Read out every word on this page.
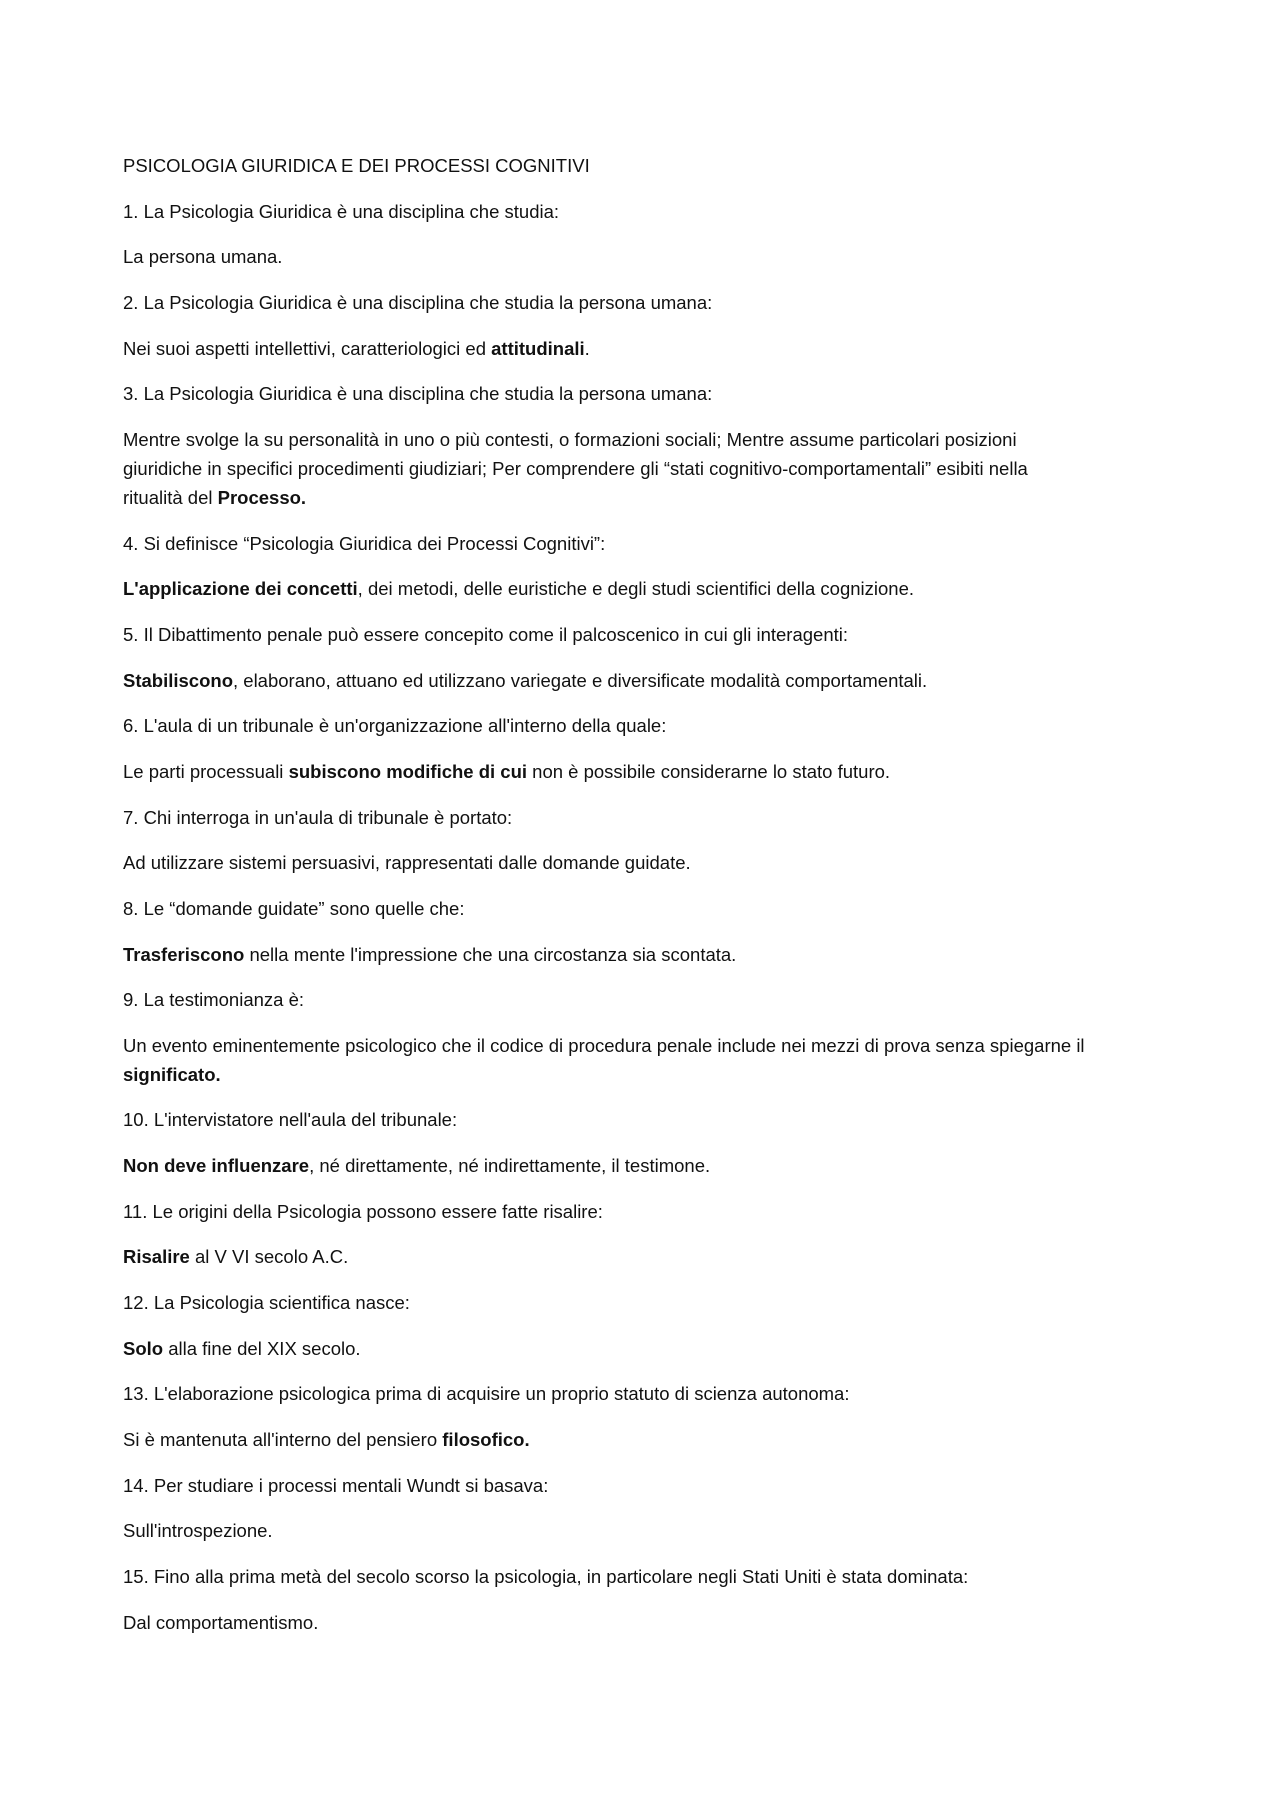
PSICOLOGIA GIURIDICA E DEI PROCESSI COGNITIVI

1. La Psicologia Giuridica è una disciplina che studia:

La persona umana.

2. La Psicologia Giuridica è una disciplina che studia la persona umana:

Nei suoi aspetti intellettivi, caratteriologici ed attitudinali.

3. La Psicologia Giuridica è una disciplina che studia la persona umana:

Mentre svolge la su personalità in uno o più contesti, o formazioni sociali; Mentre assume particolari posizioni
giuridiche in specifici procedimenti giudiziari; Per comprendere gli “stati cognitivo-comportamentali” esibiti nella
ritualità del Processo.

4. Si definisce “Psicologia Giuridica dei Processi Cognitivi”:

L'applicazione dei concetti, dei metodi, delle euristiche e degli studi scientifici della cognizione.

5. Il Dibattimento penale può essere concepito come il palcoscenico in cui gli interagenti:

Stabiliscono, elaborano, attuano ed utilizzano variegate e diversificate modalità comportamentali.

6. L'aula di un tribunale è un'organizzazione all'interno della quale:

Le parti processuali subiscono modifiche di cui non è possibile considerarne lo stato futuro.

7. Chi interroga in un'aula di tribunale è portato:

Ad utilizzare sistemi persuasivi, rappresentati dalle domande guidate.

8. Le “domande guidate” sono quelle che:

Trasferiscono nella mente l'impressione che una circostanza sia scontata.

9. La testimonianza è:

Un evento eminentemente psicologico che il codice di procedura penale include nei mezzi di prova senza spiegarne il
significato.

10. L'intervistatore nell'aula del tribunale:

Non deve influenzare, né direttamente, né indirettamente, il testimone.

11. Le origini della Psicologia possono essere fatte risalire:

Risalire al V VI secolo A.C.

12. La Psicologia scientifica nasce:

Solo alla fine del XIX secolo.

13. L'elaborazione psicologica prima di acquisire un proprio statuto di scienza autonoma:

Si è mantenuta all'interno del pensiero filosofico.

14. Per studiare i processi mentali Wundt si basava:

Sull'introspezione.

15. Fino alla prima metà del secolo scorso la psicologia, in particolare negli Stati Uniti è stata dominata:

Dal comportamentismo.
